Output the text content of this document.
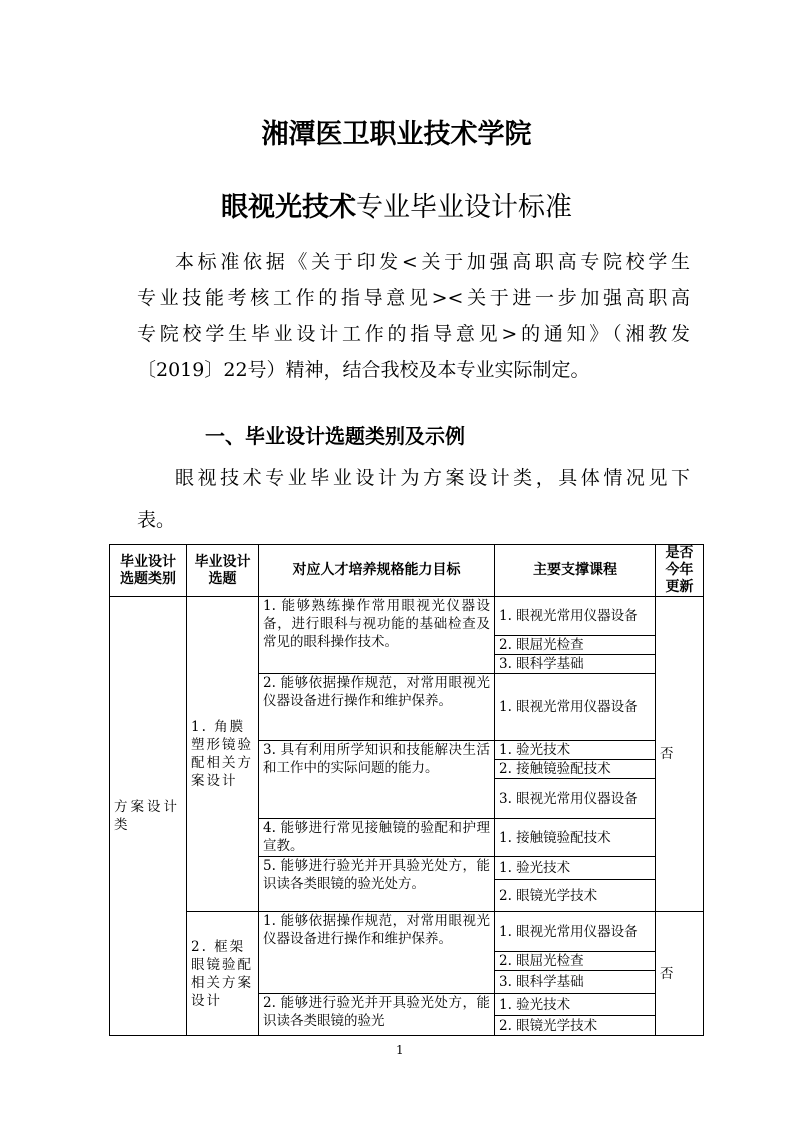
湘潭医卫职业技术学院
眼视光技术专业毕业设计标准
本标准依据《关于印发<关于加强高职高专院校学生
专业技能考核工作的指导意见><关于进一步加强高职高
专院校学生毕业设计工作的指导意见>的通知》（湘教发
〔2019〕22号）精神，结合我校及本专业实际制定。
一、毕业设计选题类别及示例
眼视技术专业毕业设计为方案设计类，具体情况见下
表。
毕业设计选题类别	毕业设计选题	对应人才培养规格能力目标	主要支撑课程	是否今年更新
方案设计类	1. 角膜塑形镜验配相关方案设计	1. 能够熟练操作常用眼视光仪器设备，进行眼科与视功能的基础检查及常见的眼科操作技术。	1. 眼视光常用仪器设备	否
			2. 眼屈光检查	
			3. 眼科学基础	
		2. 能够依据操作规范，对常用眼视光仪器设备进行操作和维护保养。	1. 眼视光常用仪器设备	
		3. 具有利用所学知识和技能解决生活和工作中的实际问题的能力。	1. 验光技术	
			2. 接触镜验配技术	
			3. 眼视光常用仪器设备	
		4. 能够进行常见接触镜的验配和护理宣教。	1. 接触镜验配技术	
		5. 能够进行验光并开具验光处方，能识读各类眼镜的验光处方。	1. 验光技术	
			2. 眼镜光学技术	
	2. 框架眼镜验配相关方案设计	1. 能够依据操作规范，对常用眼视光仪器设备进行操作和维护保养。	1. 眼视光常用仪器设备	否
			2. 眼屈光检查	
			3. 眼科学基础	
		2. 能够进行验光并开具验光处方，能识读各类眼镜的验光	1. 验光技术	
			2. 眼镜光学技术	
1
